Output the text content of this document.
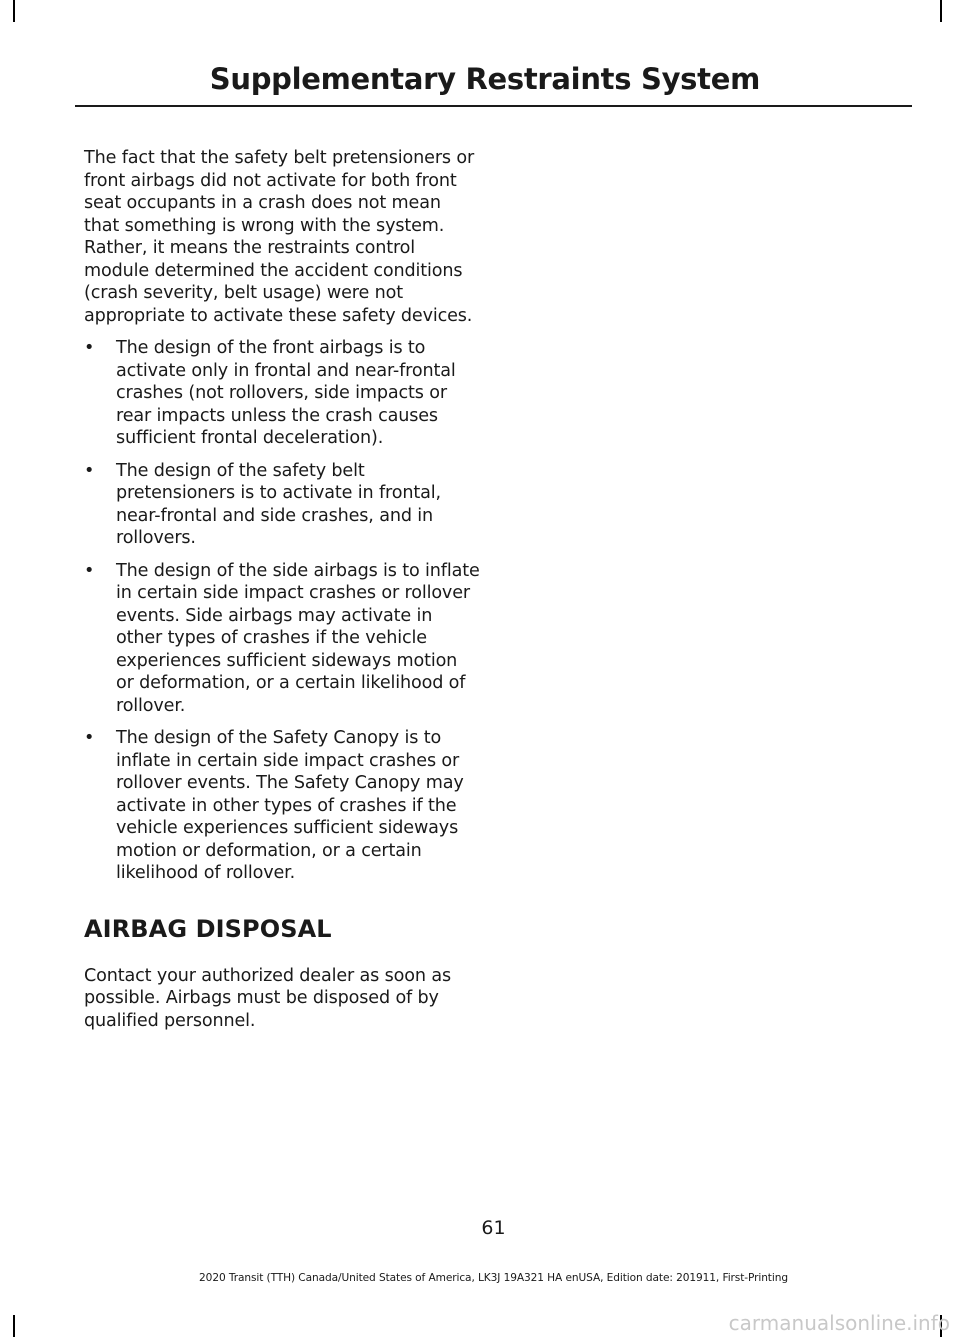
Supplementary Restraints System

The fact that the safety belt pretensioners or front airbags did not activate for both front seat occupants in a crash does not mean that something is wrong with the system. Rather, it means the restraints control module determined the accident conditions (crash severity, belt usage) were not appropriate to activate these safety devices.

•	The design of the front airbags is to activate only in frontal and near-frontal crashes (not rollovers, side impacts or rear impacts unless the crash causes sufficient frontal deceleration).
•	The design of the safety belt pretensioners is to activate in frontal, near-frontal and side crashes, and in rollovers.
•	The design of the side airbags is to inflate in certain side impact crashes or rollover events. Side airbags may activate in other types of crashes if the vehicle experiences sufficient sideways motion or deformation, or a certain likelihood of rollover.
•	The design of the Safety Canopy is to inflate in certain side impact crashes or rollover events. The Safety Canopy may activate in other types of crashes if the vehicle experiences sufficient sideways motion or deformation, or a certain likelihood of rollover.
AIRBAG DISPOSAL

Contact your authorized dealer as soon as possible. Airbags must be disposed of by qualified personnel.

61
2020 Transit (TTH) Canada/United States of America, LK3J 19A321 HA enUSA, Edition date: 201911, First-Printing
carmanualsonline.info
